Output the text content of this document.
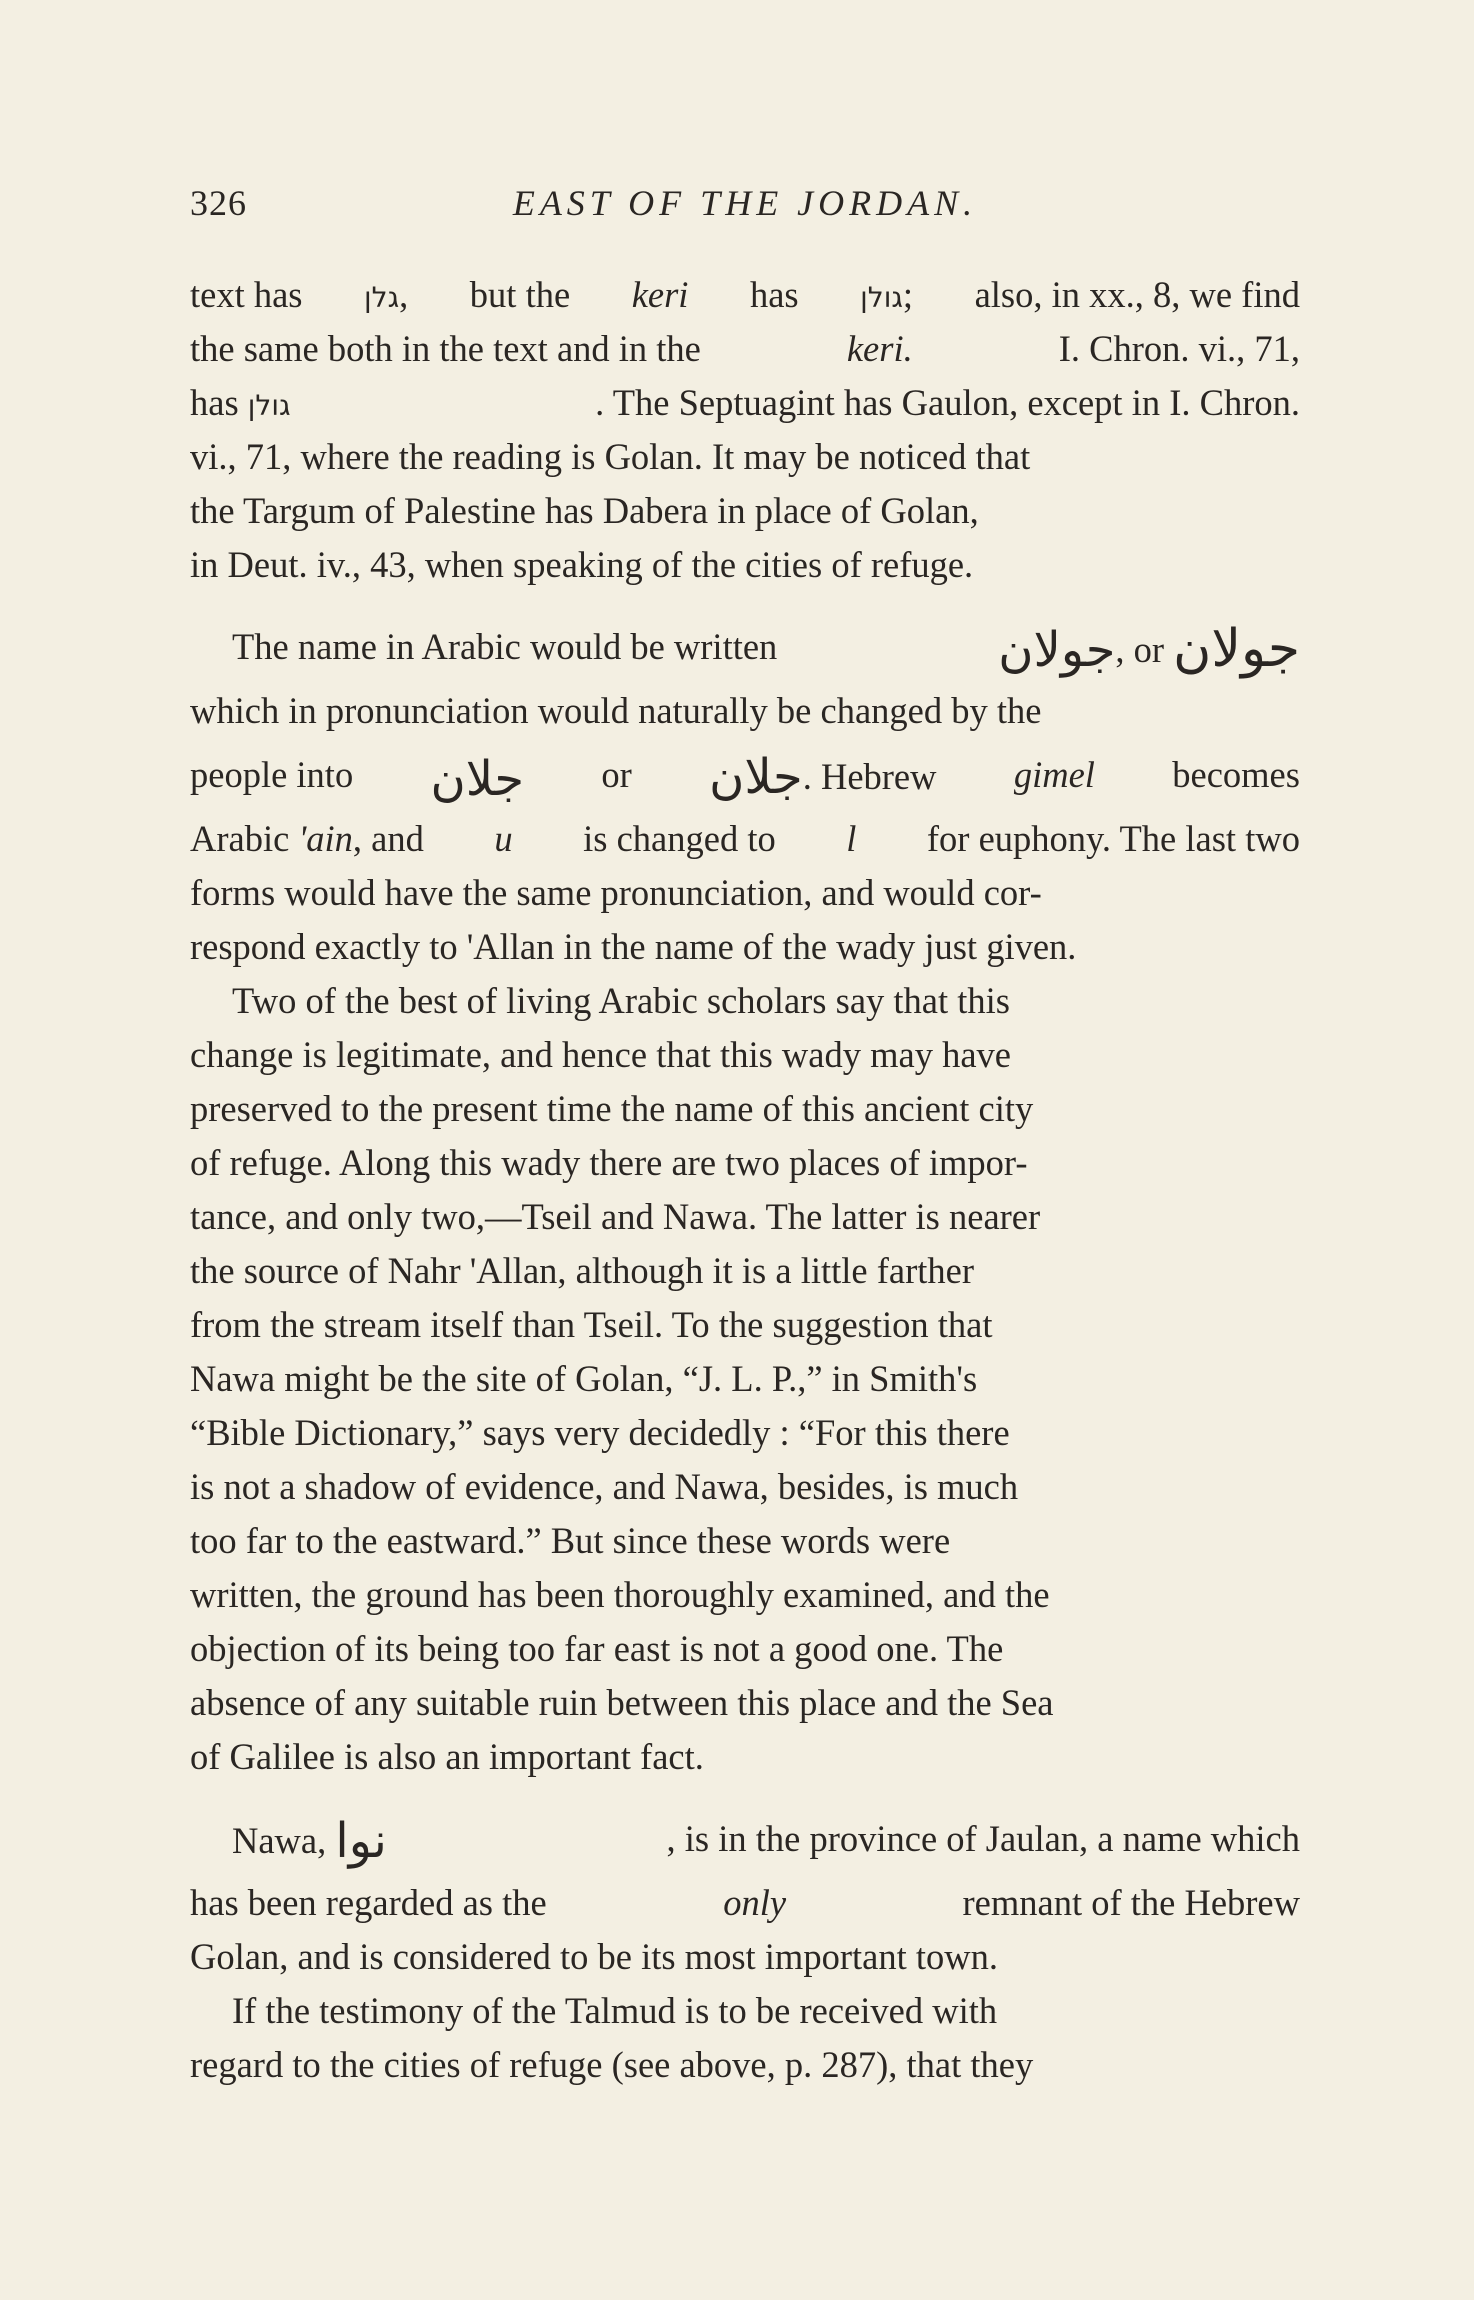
326	EAST OF THE JORDAN.
text has גלן, but the keri has גולן; also, in xx., 8, we find
the same both in the text and in the	keri.	I. Chron. vi., 71,
has גולן	. The Septuagint has Gaulon, except in I. Chron.
vi., 71, where the reading is Golan. It may be noticed that
the Targum of Palestine has Dabera in place of Golan,
in Deut. iv., 43, when speaking of the cities of refuge.
The name in Arabic would be written	جولان, or جولان
which in pronunciation would naturally be changed by the
people into جلان or جلان. Hebrew gimel becomes
Arabic 'ain, and u is changed to l for euphony. The last two
forms would have the same pronunciation, and would cor-
respond exactly to 'Allan in the name of the wady just given.
Two of the best of living Arabic scholars say that this
change is legitimate, and hence that this wady may have
preserved to the present time the name of this ancient city
of refuge. Along this wady there are two places of impor-
tance, and only two,—Tseil and Nawa. The latter is nearer
the source of Nahr 'Allan, although it is a little farther
from the stream itself than Tseil. To the suggestion that
Nawa might be the site of Golan, “J. L. P.,” in Smith's
“Bible Dictionary,” says very decidedly : “For this there
is not a shadow of evidence, and Nawa, besides, is much
too far to the eastward.” But since these words were
written, the ground has been thoroughly examined, and the
objection of its being too far east is not a good one. The
absence of any suitable ruin between this place and the Sea
of Galilee is also an important fact.
Nawa, نوا	, is in the province of Jaulan, a name which
has been regarded as the	only	remnant of the Hebrew
Golan, and is considered to be its most important town.
If the testimony of the Talmud is to be received with
regard to the cities of refuge (see above, p. 287), that they
